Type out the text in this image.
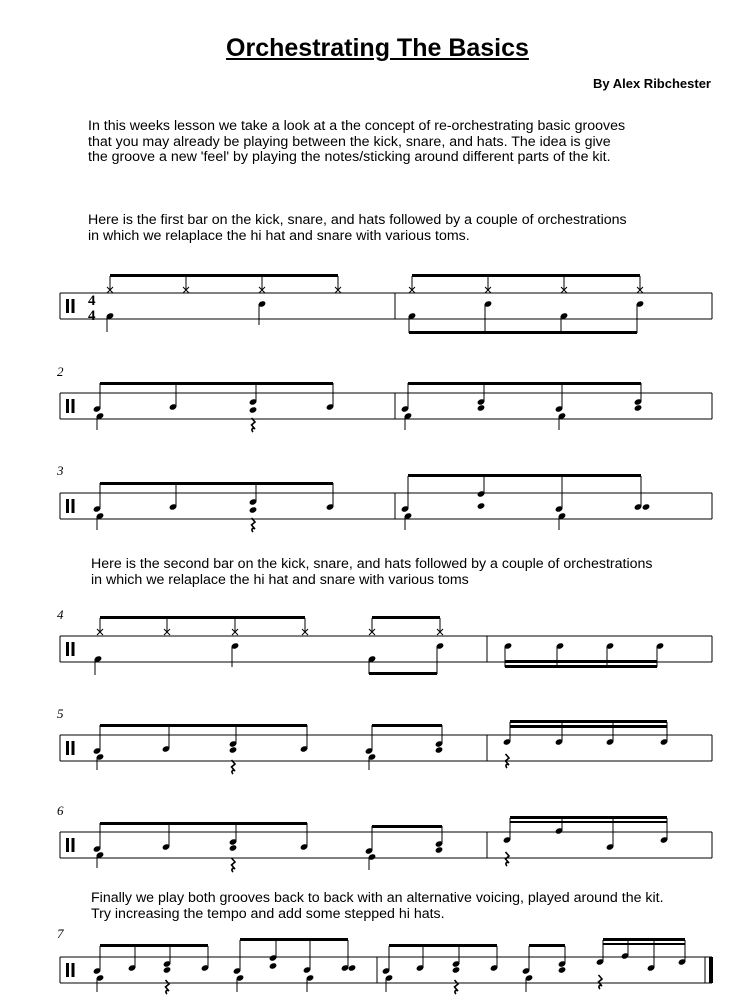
Orchestrating The Basics
By Alex Ribchester
In this weeks lesson we take a look at a the concept of re-orchestrating basic grooves
that you may already be playing between the kick, snare, and hats. The idea is give
the groove a new 'feel' by playing the notes/sticking around different parts of the kit.
Here is the first bar on the kick, snare, and hats followed by a couple of orchestrations
in which we relaplace the hi hat and snare with various toms.
Here is the second bar on the kick, snare, and hats followed by a couple of orchestrations
in which we relaplace the hi hat and snare with various toms
Finally we play both grooves back to back with an alternative voicing, played around the kit.
Try increasing the tempo and add some stepped hi hats.
2
3
4
5
6
7
4
4
